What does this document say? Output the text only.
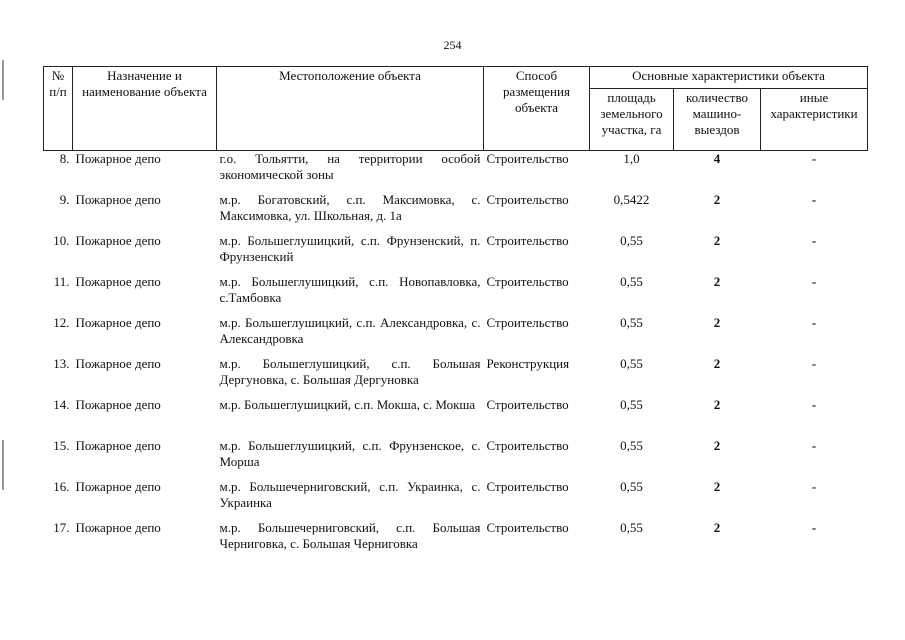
254
№ п/п	Назначение и наименование объекта	Местоположение объекта	Способ размещения объекта	Основные характеристики объекта		
				площадь земельного участка, га	количество машино-выездов	иные характеристики
8.	Пожарное депо	г.о. Тольятти, на территории особой экономической зоны	Строительство	1,0	4	-
9.	Пожарное депо	м.р. Богатовский, с.п. Максимовка, с. Максимовка, ул. Школьная, д. 1а	Строительство	0,5422	2	-
10.	Пожарное депо	м.р. Большеглушицкий, с.п. Фрунзенский, п. Фрунзенский	Строительство	0,55	2	-
11.	Пожарное депо	м.р. Большеглушицкий, с.п. Новопавловка, с.Тамбовка	Строительство	0,55	2	-
12.	Пожарное депо	м.р. Большеглушицкий, с.п. Александровка, с. Александровка	Строительство	0,55	2	-
13.	Пожарное депо	м.р. Большеглушицкий, с.п. Большая Дергуновка, с. Большая Дергуновка	Реконструкция	0,55	2	-
14.	Пожарное депо	м.р. Большеглушицкий, с.п. Мокша, с. Мокша	Строительство	0,55	2	-
15.	Пожарное депо	м.р. Большеглушицкий, с.п. Фрунзенское, с. Морша	Строительство	0,55	2	-
16.	Пожарное депо	м.р. Большечерниговский, с.п. Украинка, с. Украинка	Строительство	0,55	2	-
17.	Пожарное депо	м.р. Большечерниговский, с.п. Большая Черниговка, с. Большая Черниговка	Строительство	0,55	2	-
